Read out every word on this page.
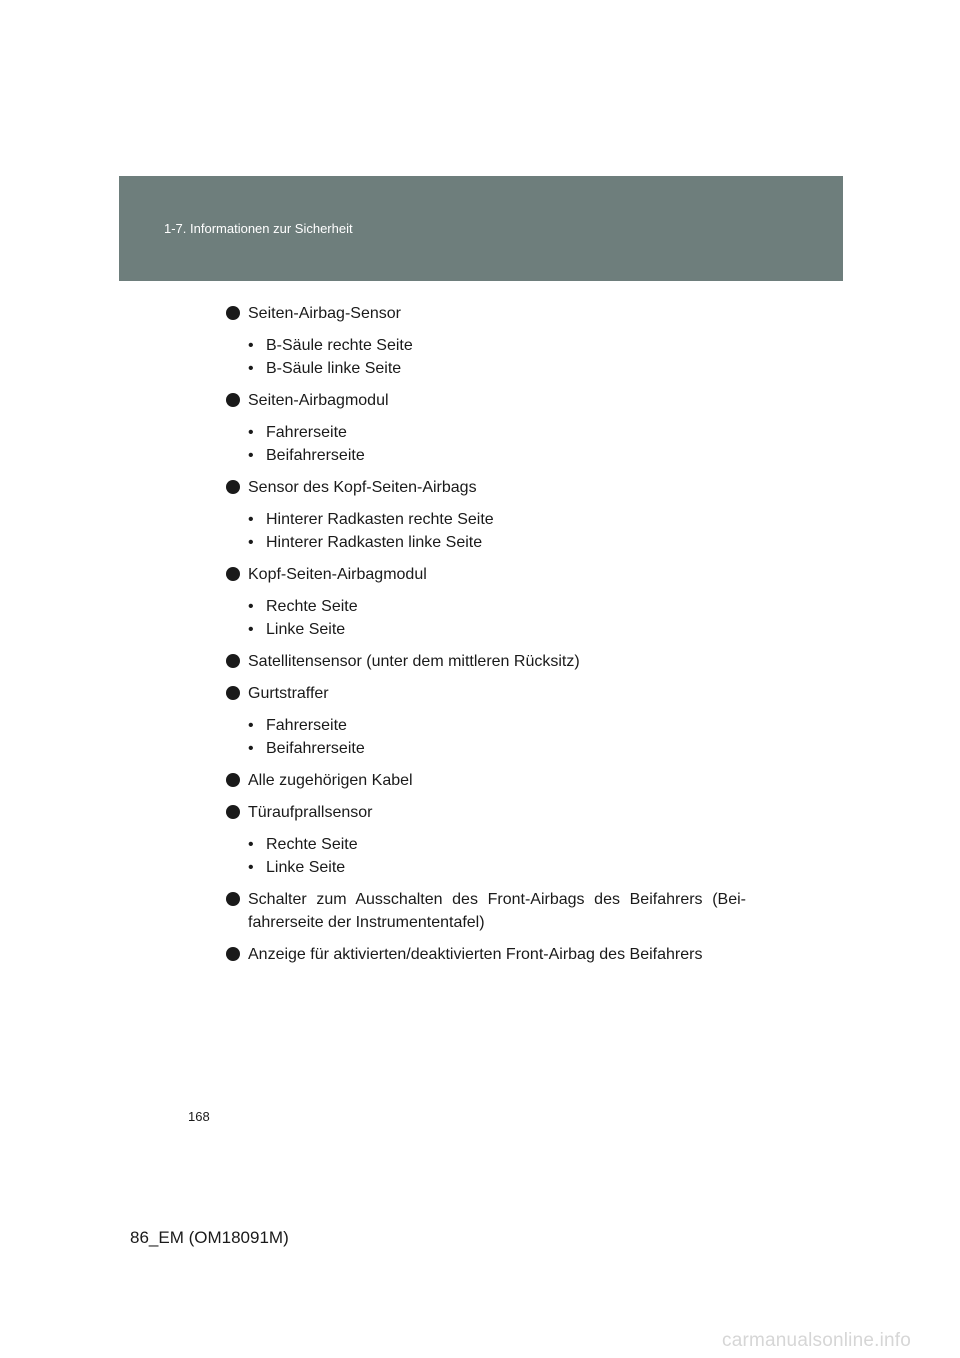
1-7. Informationen zur Sicherheit
Seiten-Airbag-Sensor
• B-Säule rechte Seite
• B-Säule linke Seite
Seiten-Airbagmodul
• Fahrerseite
• Beifahrerseite
Sensor des Kopf-Seiten-Airbags
• Hinterer Radkasten rechte Seite
• Hinterer Radkasten linke Seite
Kopf-Seiten-Airbagmodul
• Rechte Seite
• Linke Seite
Satellitensensor (unter dem mittleren Rücksitz)
Gurtstraffer
• Fahrerseite
• Beifahrerseite
Alle zugehörigen Kabel
Türaufprallsensor
• Rechte Seite
• Linke Seite
Schalter zum Ausschalten des Front-Airbags des Beifahrers (Bei-fahrerseite der Instrumententafel)
Anzeige für aktivierten/deaktivierten Front-Airbag des Beifahrers
168
86_EM (OM18091M)
carmanualsonline.info
